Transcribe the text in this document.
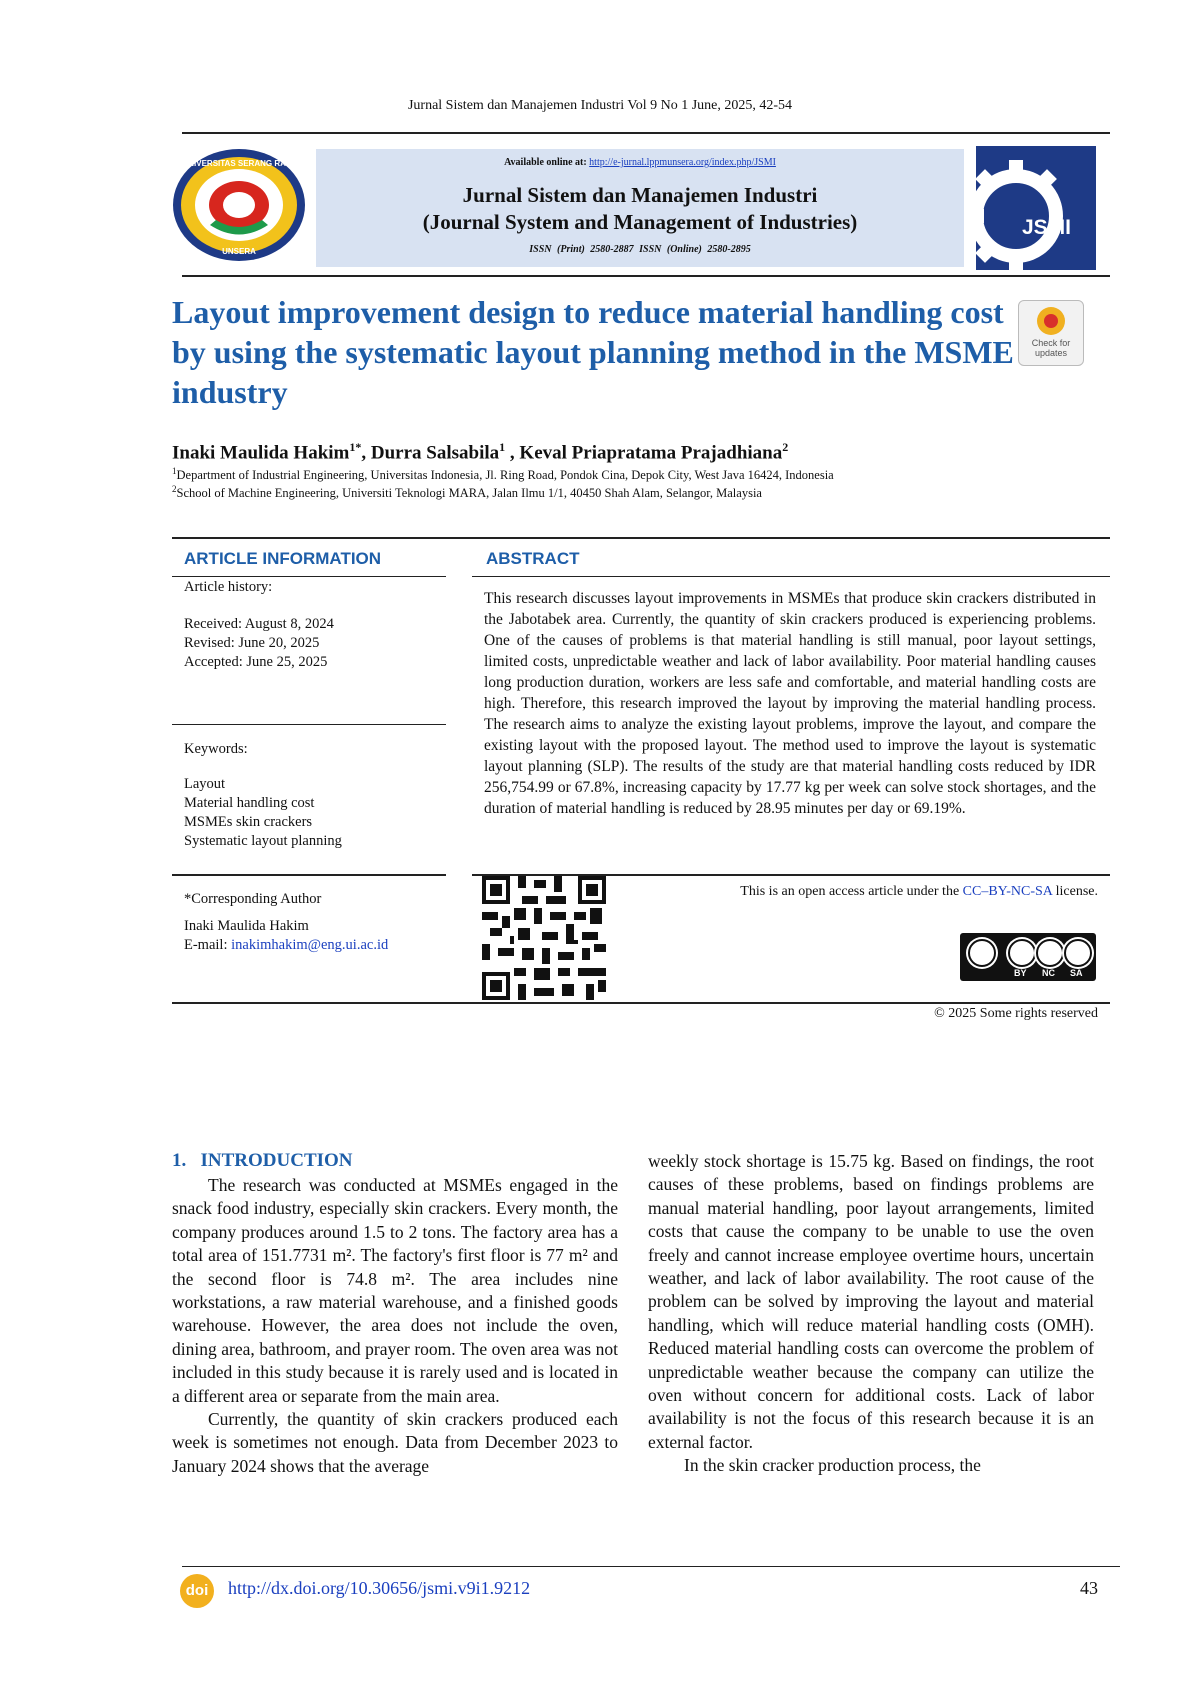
Jurnal Sistem dan Manajemen Industri Vol 9 No 1 June, 2025, 42-54
UNIVERSITAS SERANG RAYA
UNSERA
Available online at: http://e-jurnal.lppmunsera.org/index.php/JSMI
Jurnal Sistem dan Manajemen Industri
(Journal System and Management of Industries)
ISSN (Print) 2580-2887 ISSN (Online) 2580-2895
JSMI
Layout improvement design to reduce material handling cost by using the systematic layout planning method in the MSME industry
Check for updates
Inaki Maulida Hakim$^{1*}$, Durra Salsabila$^1$ , Keval Priapratama Prajadhiana$^2$
$^1$Department of Industrial Engineering, Universitas Indonesia, Jl. Ring Road, Pondok Cina, Depok City, West Java 16424, Indonesia
$^2$School of Machine Engineering, Universiti Teknologi MARA, Jalan Ilmu 1/1, 40450 Shah Alam, Selangor, Malaysia
ARTICLE INFORMATION	ABSTRACT
Article history:
Received: August 8, 2024
Revised: June 20, 2025
Accepted: June 25, 2025
Keywords:
Layout
Material handling cost
MSMEs skin crackers
Systematic layout planning
*Corresponding Author
Inaki Maulida Hakim
E-mail: inakimhakim@eng.ui.ac.id

This research discusses layout improvements in MSMEs that produce skin crackers distributed in the Jabotabek area. Currently, the quantity of skin crackers produced is experiencing problems. One of the causes of problems is that material handling is still manual, poor layout settings, limited costs, unpredictable weather and lack of labor availability. Poor material handling causes long production duration, workers are less safe and comfortable, and material handling costs are high. Therefore, this research improved the layout by improving the material handling process. The research aims to analyze the existing layout problems, improve the layout, and compare the existing layout with the proposed layout. The method used to improve the layout is systematic layout planning (SLP). The results of the study are that material handling costs reduced by IDR 256,754.99 or 67.8%, increasing capacity by 17.77 kg per week can solve stock shortages, and the duration of material handling is reduced by 28.95 minutes per day or 69.19%.

This is an open access article under the CC–BY-NC-SA license.
BY NC SA
© 2025 Some rights reserved
1. INTRODUCTION

The research was conducted at MSMEs engaged in the snack food industry, especially skin crackers. Every month, the company produces around 1.5 to 2 tons. The factory area has a total area of 151.7731 m². The factory's first floor is 77 m² and the second floor is 74.8 m². The area includes nine workstations, a raw material warehouse, and a finished goods warehouse. However, the area does not include the oven, dining area, bathroom, and prayer room. The oven area was not included in this study because it is rarely used and is located in a different area or separate from the main area.

Currently, the quantity of skin crackers produced each week is sometimes not enough. Data from December 2023 to January 2024 shows that the average

weekly stock shortage is 15.75 kg. Based on findings, the root causes of these problems, based on findings problems are manual material handling, poor layout arrangements, limited costs that cause the company to be unable to use the oven freely and cannot increase employee overtime hours, uncertain weather, and lack of labor availability. The root cause of the problem can be solved by improving the layout and material handling, which will reduce material handling costs (OMH). Reduced material handling costs can overcome the problem of unpredictable weather because the company can utilize the oven without concern for additional costs. Lack of labor availability is not the focus of this research because it is an external factor.

In the skin cracker production process, the

doi	http://dx.doi.org/10.30656/jsmi.v9i1.9212	43
